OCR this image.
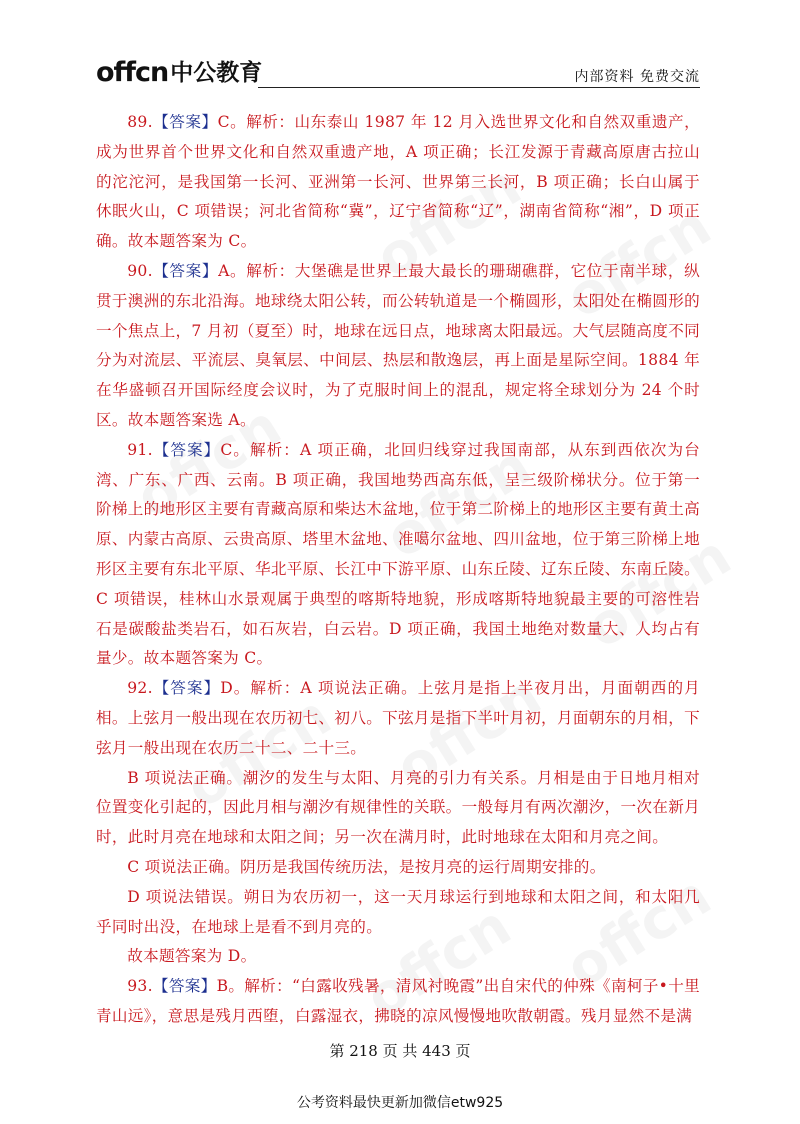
offcn 中公教育	内部资料 免费交流

89.【答案】C。解析：山东泰山 1987 年 12 月入选世界文化和自然双重遗产，成为世界首个世界文化和自然双重遗产地，A 项正确；长江发源于青藏高原唐古拉山的沱沱河，是我国第一长河、亚洲第一长河、世界第三长河，B 项正确；长白山属于休眠火山，C 项错误；河北省简称“冀”，辽宁省简称“辽”，湖南省简称“湘”，D 项正确。故本题答案为 C。

90.【答案】A。解析：大堡礁是世界上最大最长的珊瑚礁群，它位于南半球，纵贯于澳洲的东北沿海。地球绕太阳公转，而公转轨道是一个椭圆形，太阳处在椭圆形的一个焦点上，7 月初（夏至）时，地球在远日点，地球离太阳最远。大气层随高度不同分为对流层、平流层、臭氧层、中间层、热层和散逸层，再上面是星际空间。1884 年在华盛顿召开国际经度会议时，为了克服时间上的混乱，规定将全球划分为 24 个时区。故本题答案选 A。

91.【答案】C。解析：A 项正确，北回归线穿过我国南部，从东到西依次为台湾、广东、广西、云南。B 项正确，我国地势西高东低，呈三级阶梯状分。位于第一阶梯上的地形区主要有青藏高原和柴达木盆地，位于第二阶梯上的地形区主要有黄土高原、内蒙古高原、云贵高原、塔里木盆地、准噶尔盆地、四川盆地，位于第三阶梯上地形区主要有东北平原、华北平原、长江中下游平原、山东丘陵、辽东丘陵、东南丘陵。C 项错误，桂林山水景观属于典型的喀斯特地貌，形成喀斯特地貌最主要的可溶性岩石是碳酸盐类岩石，如石灰岩，白云岩。D 项正确，我国土地绝对数量大、人均占有量少。故本题答案为 C。

92.【答案】D。解析：A 项说法正确。上弦月是指上半夜月出，月面朝西的月相。上弦月一般出现在农历初七、初八。下弦月是指下半叶月初，月面朝东的月相，下弦月一般出现在农历二十二、二十三。

B 项说法正确。潮汐的发生与太阳、月亮的引力有关系。月相是由于日地月相对位置变化引起的，因此月相与潮汐有规律性的关联。一般每月有两次潮汐，一次在新月时，此时月亮在地球和太阳之间；另一次在满月时，此时地球在太阳和月亮之间。

C 项说法正确。阴历是我国传统历法，是按月亮的运行周期安排的。

D 项说法错误。朔日为农历初一，这一天月球运行到地球和太阳之间，和太阳几乎同时出没，在地球上是看不到月亮的。

故本题答案为 D。

93.【答案】B。解析：“白露收残暑，清风衬晚霞”出自宋代的仲殊《南柯子•十里青山远》，意思是残月西堕，白露湿衣，拂晓的凉风慢慢地吹散朝霞。残月显然不是满

第 218 页 共 443 页
公考资料最快更新加微信etw925
